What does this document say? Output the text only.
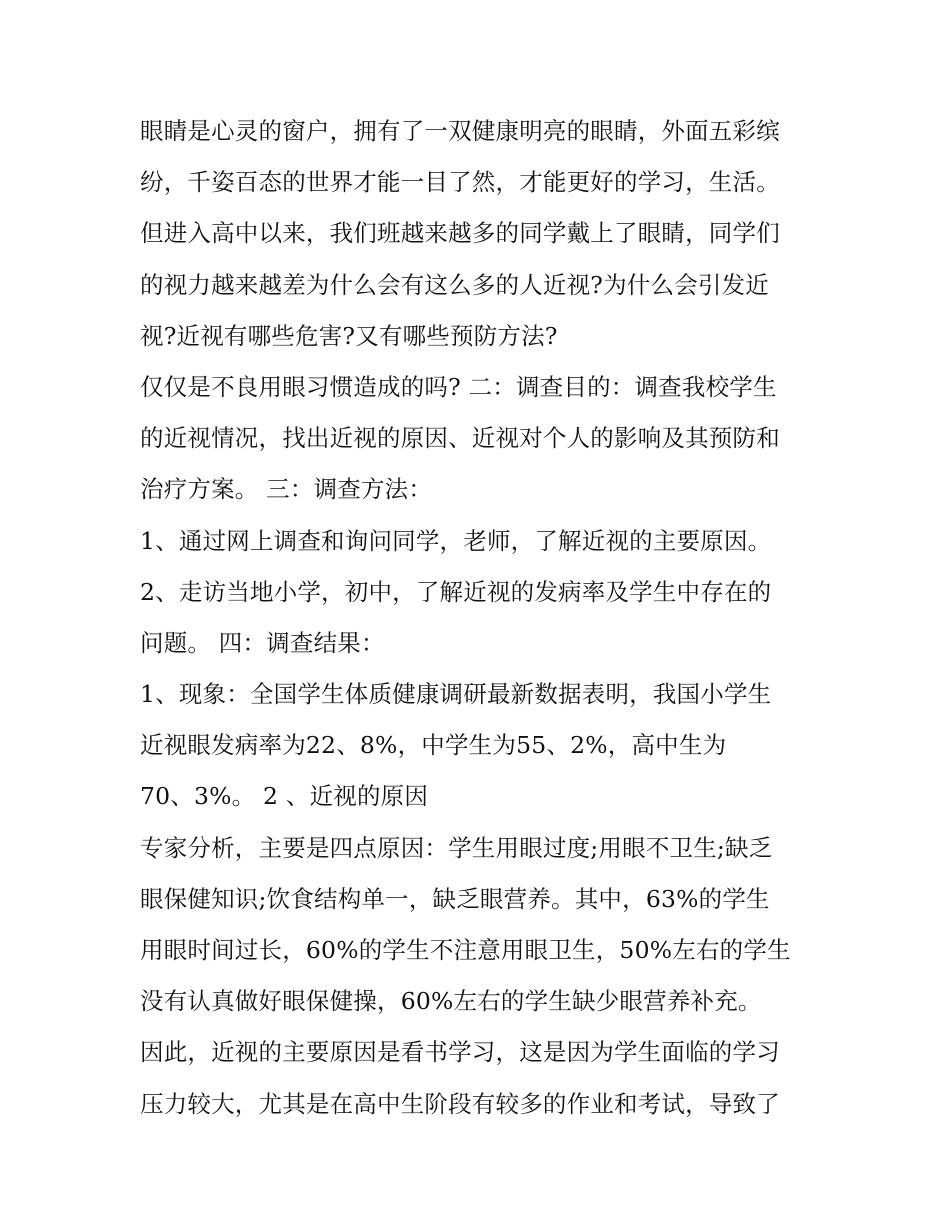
眼睛是心灵的窗户，拥有了一双健康明亮的眼睛，外面五彩缤
纷，千姿百态的世界才能一目了然，才能更好的学习，生活。
但进入高中以来，我们班越来越多的同学戴上了眼睛，同学们
的视力越来越差为什么会有这么多的人近视?为什么会引发近
视?近视有哪些危害?又有哪些预防方法?
仅仅是不良用眼习惯造成的吗? 二：调查目的：调查我校学生
的近视情况，找出近视的原因、近视对个人的影响及其预防和
治疗方案。 三：调查方法：
1、通过网上调查和询问同学，老师，了解近视的主要原因。
2、走访当地小学，初中，了解近视的发病率及学生中存在的
问题。 四：调查结果：
1、现象：全国学生体质健康调研最新数据表明，我国小学生
近视眼发病率为22、8%，中学生为55、2%，高中生为
70、3%。 2 、近视的原因
专家分析，主要是四点原因：学生用眼过度;用眼不卫生;缺乏
眼保健知识;饮食结构单一，缺乏眼营养。其中，63%的学生
用眼时间过长，60%的学生不注意用眼卫生，50%左右的学生
没有认真做好眼保健操，60%左右的学生缺少眼营养补充。
因此，近视的主要原因是看书学习，这是因为学生面临的学习
压力较大，尤其是在高中生阶段有较多的作业和考试，导致了
